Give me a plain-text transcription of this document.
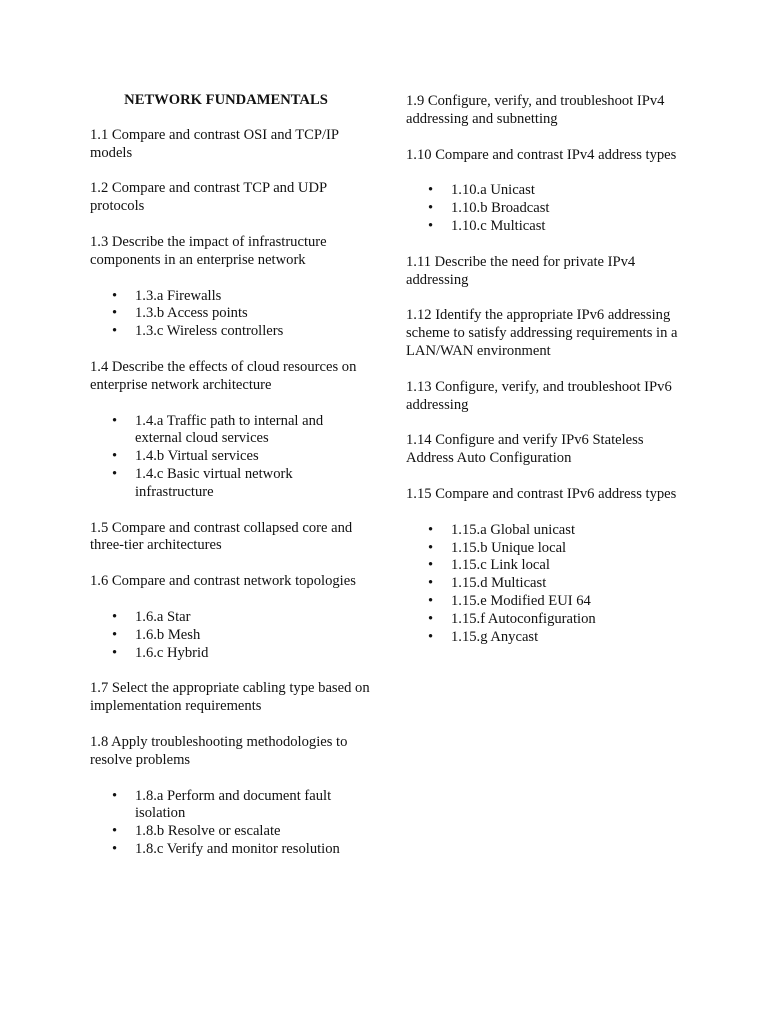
NETWORK FUNDAMENTALS
1.1 Compare and contrast OSI and TCP/IP models
1.2 Compare and contrast TCP and UDP protocols
1.3 Describe the impact of infrastructure components in an enterprise network
• 1.3.a Firewalls
• 1.3.b Access points
• 1.3.c Wireless controllers
1.4 Describe the effects of cloud resources on enterprise network architecture
• 1.4.a Traffic path to internal and external cloud services
• 1.4.b Virtual services
• 1.4.c Basic virtual network infrastructure
1.5 Compare and contrast collapsed core and three-tier architectures
1.6 Compare and contrast network topologies
• 1.6.a Star
• 1.6.b Mesh
• 1.6.c Hybrid
1.7 Select the appropriate cabling type based on implementation requirements
1.8 Apply troubleshooting methodologies to resolve problems
• 1.8.a Perform and document fault isolation
• 1.8.b Resolve or escalate
• 1.8.c Verify and monitor resolution
1.9 Configure, verify, and troubleshoot IPv4 addressing and subnetting
1.10 Compare and contrast IPv4 address types
• 1.10.a Unicast
• 1.10.b Broadcast
• 1.10.c Multicast
1.11 Describe the need for private IPv4 addressing
1.12 Identify the appropriate IPv6 addressing scheme to satisfy addressing requirements in a LAN/WAN environment
1.13 Configure, verify, and troubleshoot IPv6 addressing
1.14 Configure and verify IPv6 Stateless Address Auto Configuration
1.15 Compare and contrast IPv6 address types
• 1.15.a Global unicast
• 1.15.b Unique local
• 1.15.c Link local
• 1.15.d Multicast
• 1.15.e Modified EUI 64
• 1.15.f Autoconfiguration
• 1.15.g Anycast
